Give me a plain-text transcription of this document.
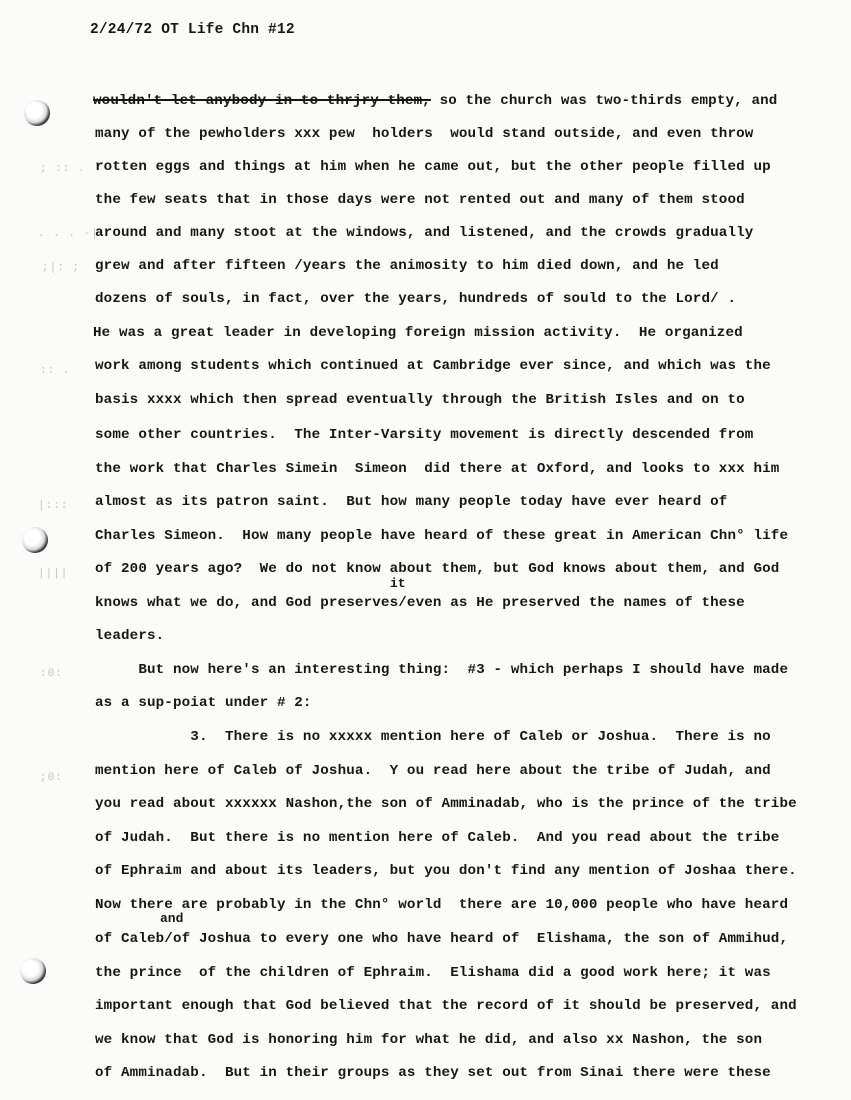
; :: .
. . . -|
;|: ;
:: .
|:::
||||
:0:
;0:
2/24/72 OT Life Chn #12
it
and
wouldn't let anybody in to thrjry them, so the church was two-thirds empty, and
many of the pewholders xxx pew  holders  would stand outside, and even throw
rotten eggs and things at him when he came out, but the other people filled up
the few seats that in those days were not rented out and many of them stood
around and many stoot at the windows, and listened, and the crowds gradually
grew and after fifteen /years the animosity to him died down, and he led
dozens of souls, in fact, over the years, hundreds of sould to the Lord/ .
He was a great leader in developing foreign mission activity.  He organized
work among students which continued at Cambridge ever since, and which was the
basis xxxx which then spread eventually through the British Isles and on to
some other countries.  The Inter-Varsity movement is directly descended from
the work that Charles Simein  Simeon  did there at Oxford, and looks to xxx him
almost as its patron saint.  But how many people today have ever heard of
Charles Simeon.  How many people have heard of these great in American Chn° life
of 200 years ago?  We do not know about them, but God knows about them, and God
knows what we do, and God preserves/even as He preserved the names of these
leaders.
But now here's an interesting thing:  #3 - which perhaps I should have made
as a sup-poiat under # 2:
3.  There is no xxxxx mention here of Caleb or Joshua.  There is no
mention here of Caleb of Joshua.  Y ou read here about the tribe of Judah, and
you read about xxxxxx Nashon,the son of Amminadab, who is the prince of the tribe
of Judah.  But there is no mention here of Caleb.  And you read about the tribe
of Ephraim and about its leaders, but you don't find any mention of Joshaa there.
Now there are probably in the Chn° world  there are 10,000 people who have heard
of Caleb/of Joshua to every one who have heard of  Elishama, the son of Ammihud,
the prince  of the children of Ephraim.  Elishama did a good work here; it was
important enough that God believed that the record of it should be preserved, and
we know that God is honoring him for what he did, and also xx Nashon, the son
of Amminadab.  But in their groups as they set out from Sinai there were these
